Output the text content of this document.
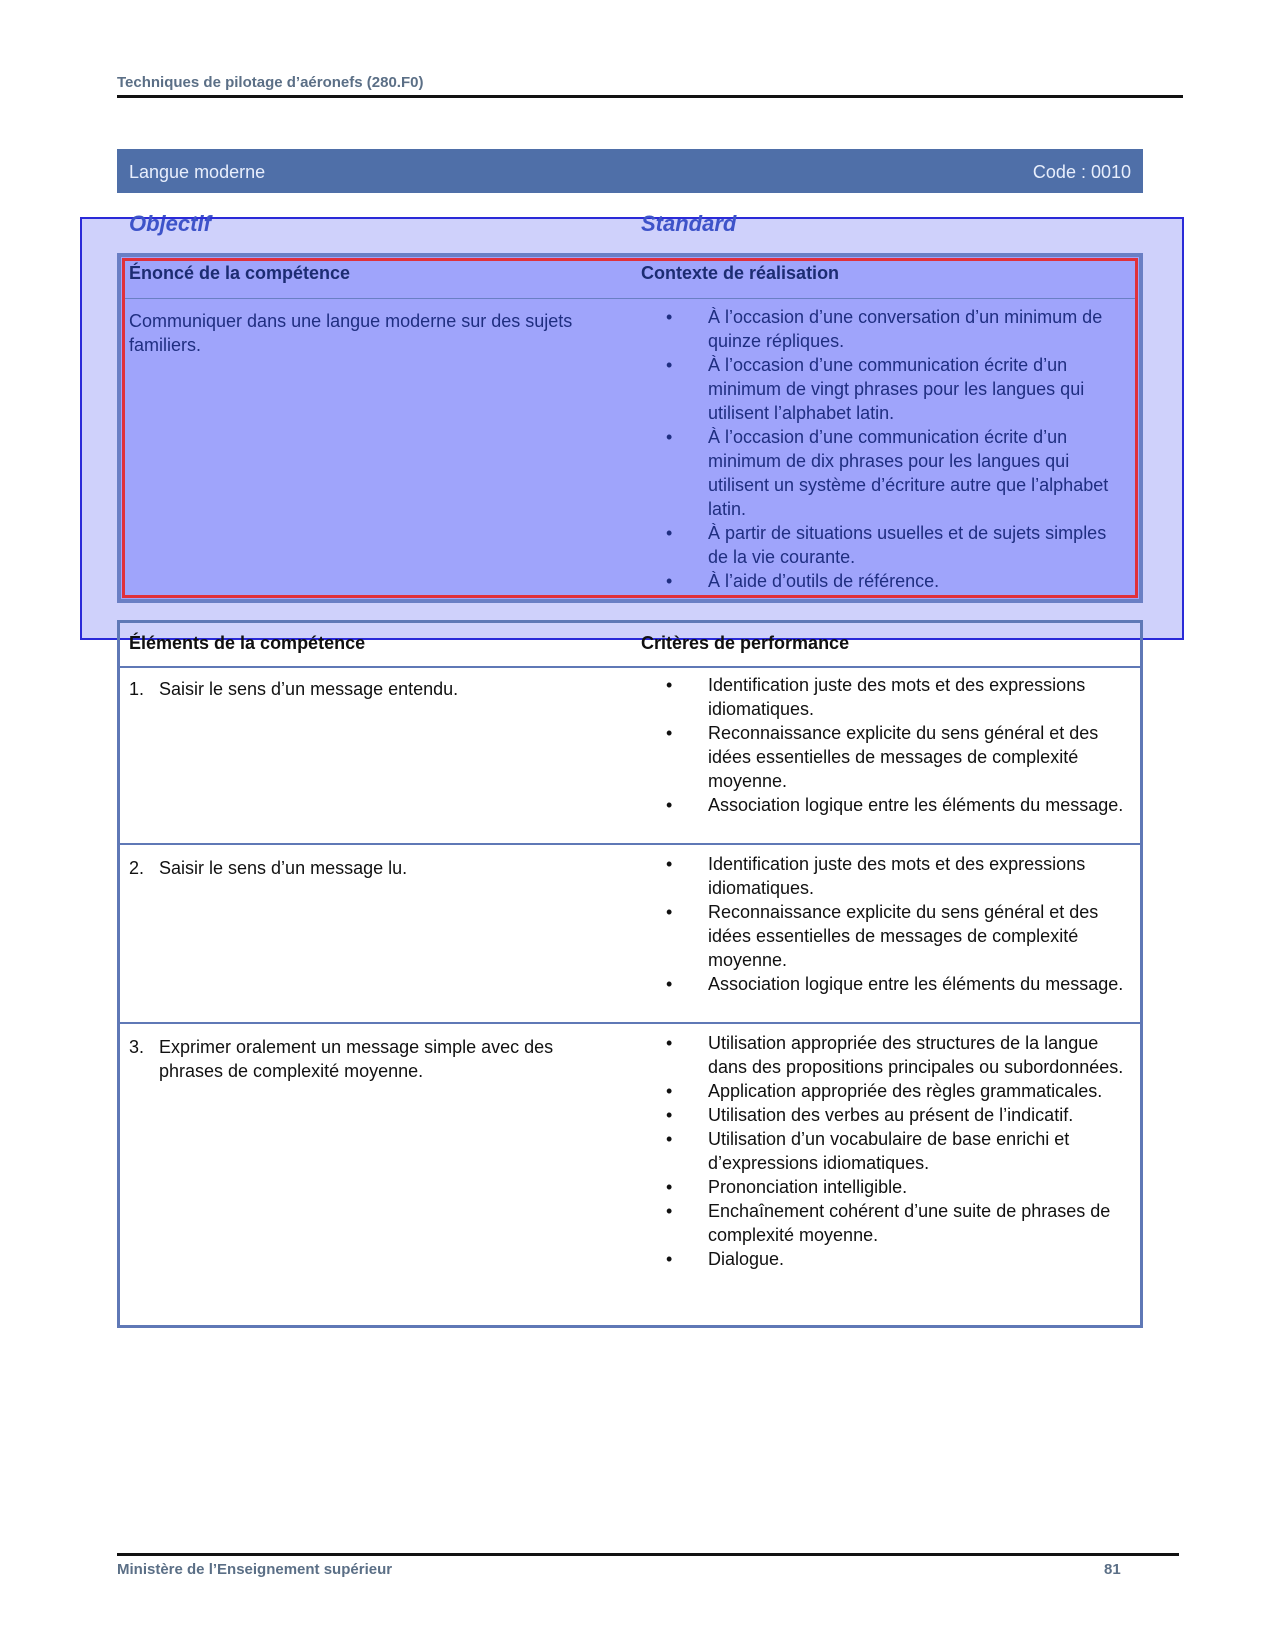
Techniques de pilotage d’aéronefs (280.F0)
Langue moderne	Code : 0010
Objectif	Standard
Énoncé de la compétence	Contexte de réalisation
Communiquer dans une langue moderne sur des sujets familiers.
•	À l’occasion d’une conversation d’un minimum de quinze répliques.
•	À l’occasion d’une communication écrite d’un minimum de vingt phrases pour les langues qui utilisent l’alphabet latin.
•	À l’occasion d’une communication écrite d’un minimum de dix phrases pour les langues qui utilisent un système d’écriture autre que l’alphabet latin.
•	À partir de situations usuelles et de sujets simples de la vie courante.
•	À l’aide d’outils de référence.
Éléments de la compétence	Critères de performance
1. Saisir le sens d’un message entendu.	•	Identification juste des mots et des expressions idiomatiques.
•	Reconnaissance explicite du sens général et des idées essentielles de messages de complexité moyenne.
•	Association logique entre les éléments du message.
2. Saisir le sens d’un message lu.	•	Identification juste des mots et des expressions idiomatiques.
•	Reconnaissance explicite du sens général et des idées essentielles de messages de complexité moyenne.
•	Association logique entre les éléments du message.
3. Exprimer oralement un message simple avec des
phrases de complexité moyenne.
•	Utilisation appropriée des structures de la langue dans des propositions principales ou subordonnées.
•	Application appropriée des règles grammaticales.
•	Utilisation des verbes au présent de l’indicatif.
•	Utilisation d’un vocabulaire de base enrichi et d’expressions idiomatiques.
•	Prononciation intelligible.
•	Enchaînement cohérent d’une suite de phrases de complexité moyenne.
•	Dialogue.
Ministère de l’Enseignement supérieur	81
